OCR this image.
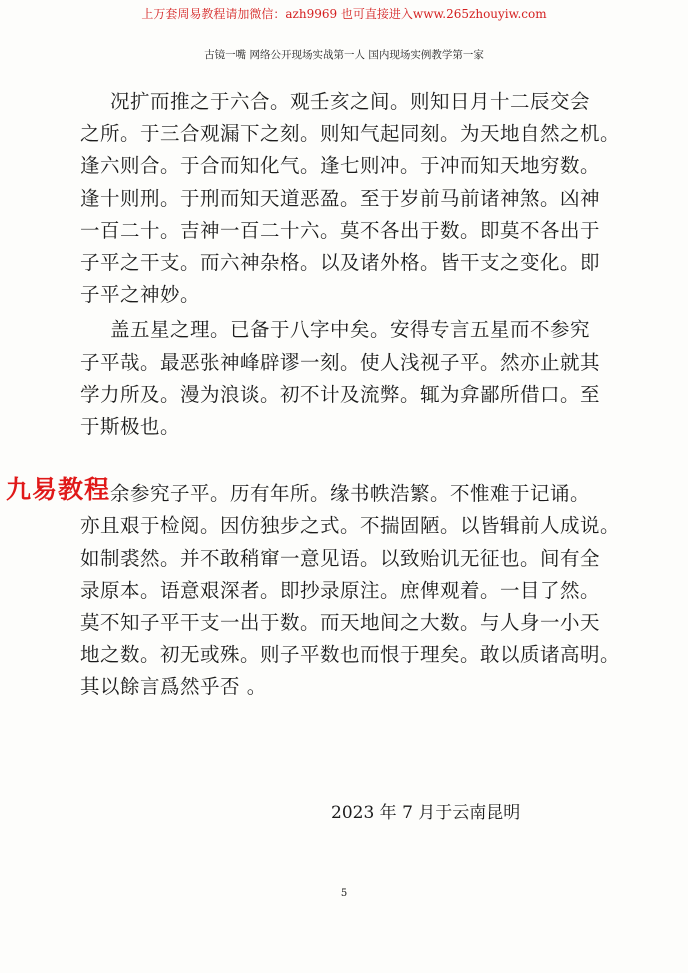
上万套周易教程请加微信：azh9969 也可直接进入www.265zhouyiw.com
古镜一嘴 网络公开现场实战第一人 国内现场实例教学第一家
况扩而推之于六合。观壬亥之间。则知日月十二辰交会
之所。于三合观漏下之刻。则知气起同刻。为天地自然之机。
逢六则合。于合而知化气。逢七则冲。于冲而知天地穷数。
逢十则刑。于刑而知天道恶盈。至于岁前马前诸神煞。凶神
一百二十。吉神一百二十六。莫不各出于数。即莫不各出于
子平之干支。而六神杂格。以及诸外格。皆干支之变化。即
子平之神妙。
盖五星之理。已备于八字中矣。安得专言五星而不参究
子平哉。最恶张神峰辟谬一刻。使人浅视子平。然亦止就其
学力所及。漫为浪谈。初不计及流弊。辄为弇鄙所借口。至
于斯极也。
余参究子平。历有年所。缘书帙浩繁。不惟难于记诵。
亦且艰于检阅。因仿独步之式。不揣固陋。以皆辑前人成说。
如制裘然。并不敢稍窜一意见语。以致贻讥无征也。间有全
录原本。语意艰深者。即抄录原注。庶俾观着。一目了然。
莫不知子平干支一出于数。而天地间之大数。与人身一小天
地之数。初无或殊。则子平数也而恨于理矣。敢以质诸高明。
其以餘言爲然乎否 。
九易教程
2023 年 7 月于云南昆明
5
